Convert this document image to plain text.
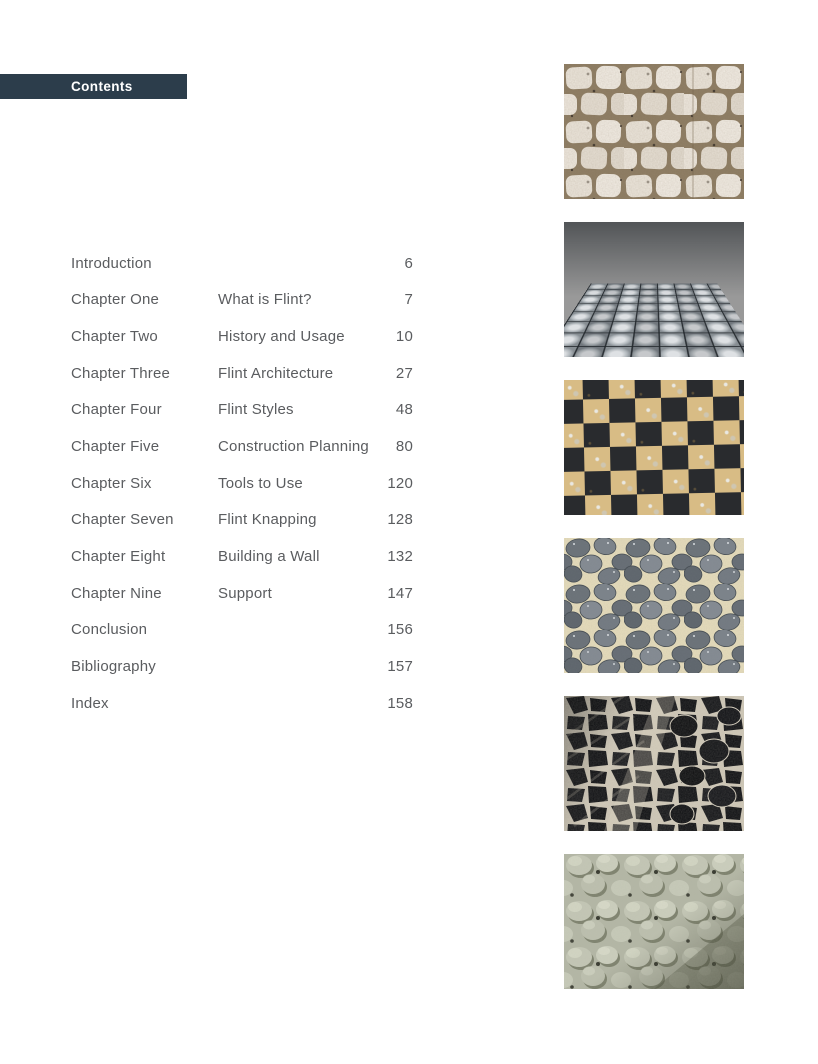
Contents
Introduction	6
Chapter One	What is Flint?	7
Chapter Two	History and Usage	10
Chapter Three	Flint Architecture	27
Chapter Four	Flint Styles	48
Chapter Five	Construction Planning	80
Chapter Six	Tools to Use	120
Chapter Seven	Flint Knapping	128
Chapter Eight	Building a Wall	132
Chapter Nine	Support	147
Conclusion	156
Bibliography	157
Index	158
